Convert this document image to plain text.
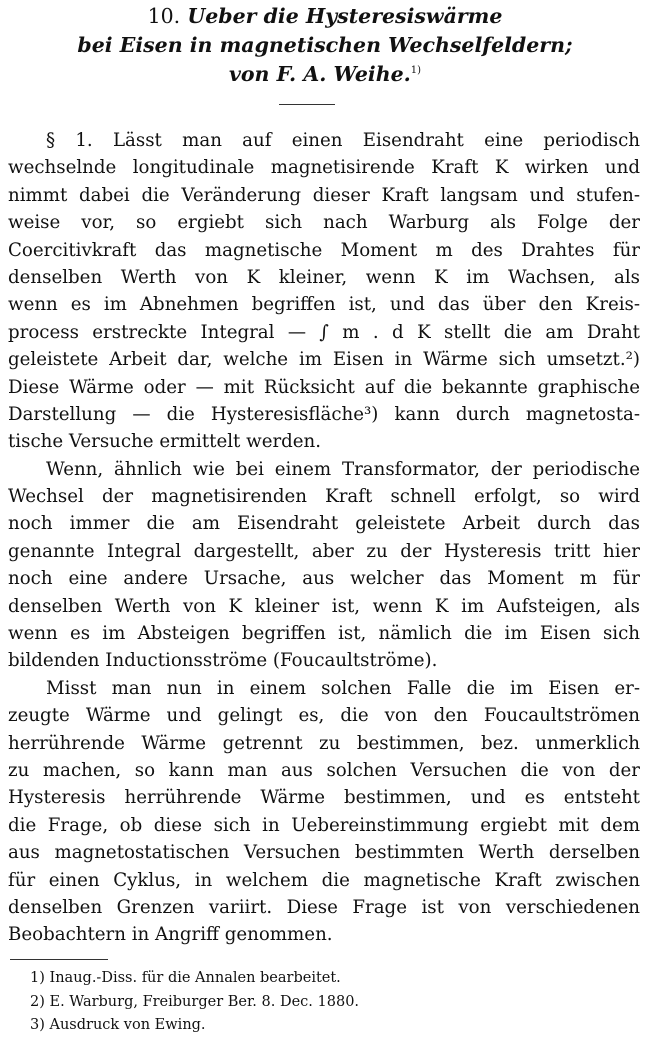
10. Ueber die Hysteresiswärme
bei Eisen in magnetischen Wechselfeldern;
von F. A. Weihe.$^{1)}$
§ 1. Lässt man auf einen Eisendraht eine periodisch
wechselnde longitudinale magnetisirende Kraft K wirken und
nimmt dabei die Veränderung dieser Kraft langsam und stufen-
weise vor, so ergiebt sich nach Warburg als Folge der
Coercitivkraft das magnetische Moment m des Drahtes für
denselben Werth von K kleiner, wenn K im Wachsen, als
wenn es im Abnehmen begriffen ist, und das über den Kreis-
process erstreckte Integral — ∫ m . d K stellt die am Draht
geleistete Arbeit dar, welche im Eisen in Wärme sich umsetzt.²)
Diese Wärme oder — mit Rücksicht auf die bekannte graphische
Darstellung — die Hysteresisfläche³) kann durch magnetosta-
tische Versuche ermittelt werden.
Wenn, ähnlich wie bei einem Transformator, der periodische
Wechsel der magnetisirenden Kraft schnell erfolgt, so wird
noch immer die am Eisendraht geleistete Arbeit durch das
genannte Integral dargestellt, aber zu der Hysteresis tritt hier
noch eine andere Ursache, aus welcher das Moment m für
denselben Werth von K kleiner ist, wenn K im Aufsteigen, als
wenn es im Absteigen begriffen ist, nämlich die im Eisen sich
bildenden Inductionsströme (Foucaultströme).
Misst man nun in einem solchen Falle die im Eisen er-
zeugte Wärme und gelingt es, die von den Foucaultströmen
herrührende Wärme getrennt zu bestimmen, bez. unmerklich
zu machen, so kann man aus solchen Versuchen die von der
Hysteresis herrührende Wärme bestimmen, und es entsteht
die Frage, ob diese sich in Uebereinstimmung ergiebt mit dem
aus magnetostatischen Versuchen bestimmten Werth derselben
für einen Cyklus, in welchem die magnetische Kraft zwischen
denselben Grenzen variirt. Diese Frage ist von verschiedenen
Beobachtern in Angriff genommen.
1) Inaug.-Diss. für die Annalen bearbeitet.
2) E. Warburg, Freiburger Ber. 8. Dec. 1880.
3) Ausdruck von Ewing.
